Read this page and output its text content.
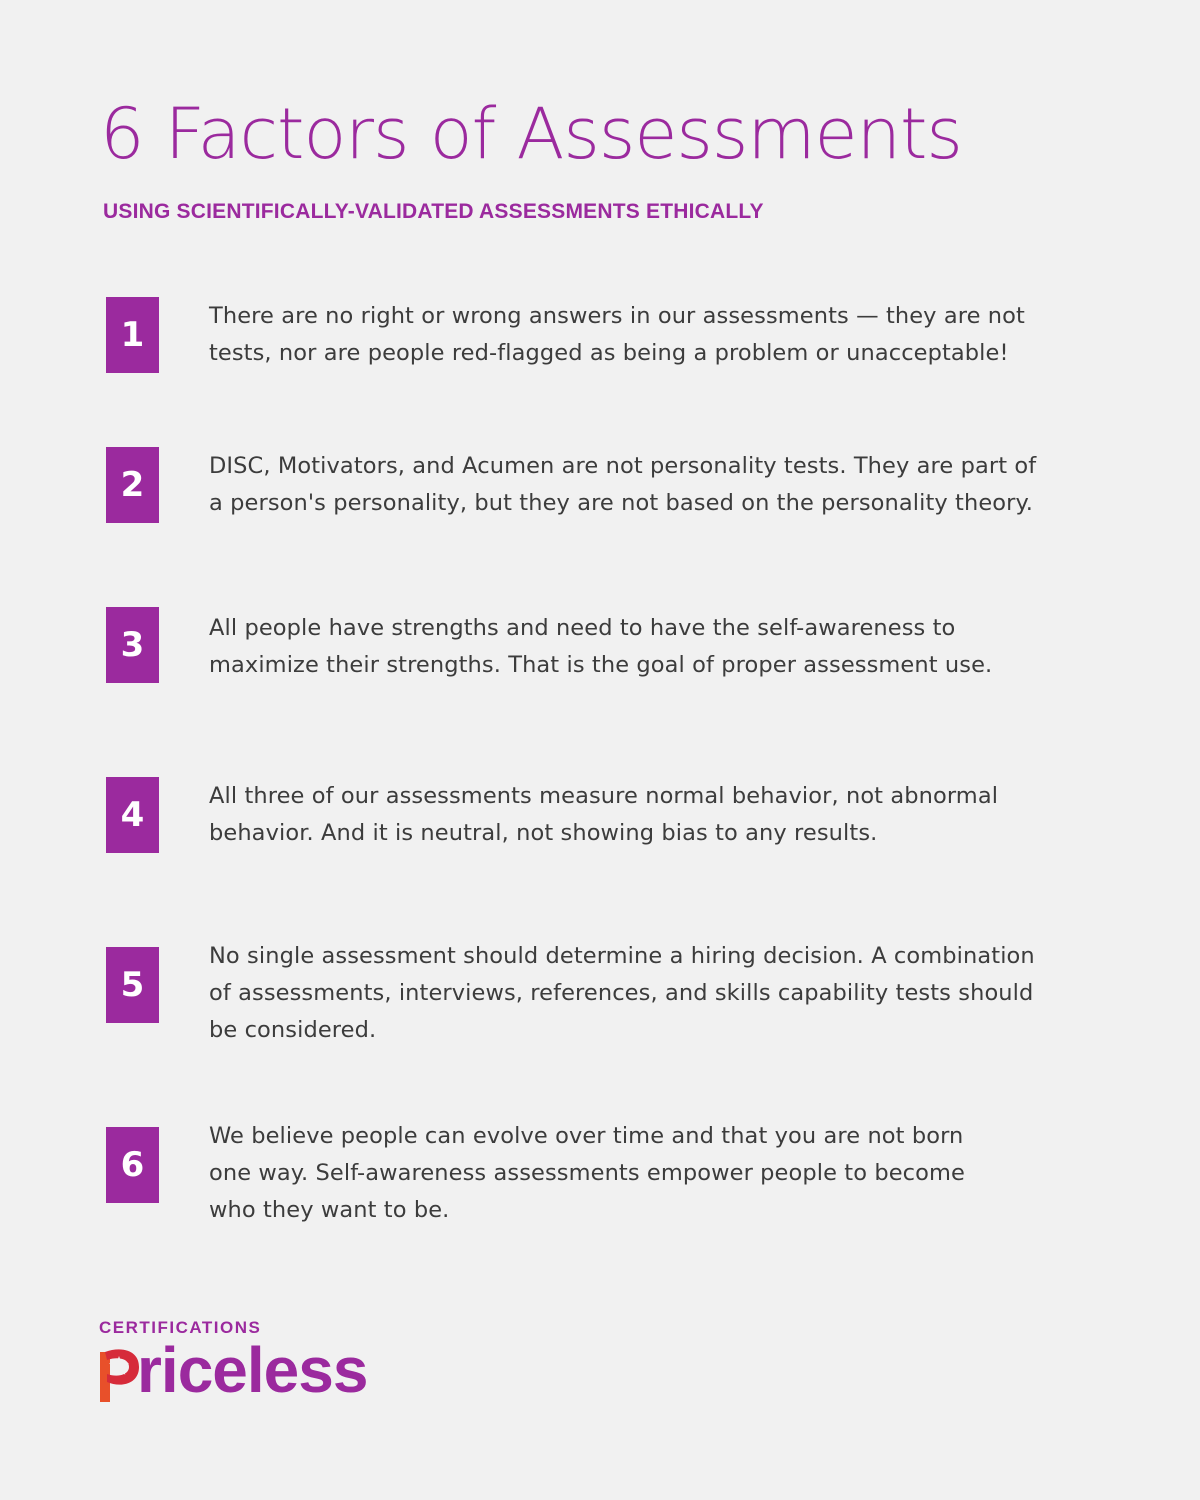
6 Factors of Assessments
USING SCIENTIFICALLY-VALIDATED ASSESSMENTS ETHICALLY
1	There are no right or wrong answers in our assessments — they are not
tests, nor are people red-flagged as being a problem or unacceptable!

2	DISC, Motivators, and Acumen are not personality tests. They are part of
a person's personality, but they are not based on the personality theory.

3	All people have strengths and need to have the self-awareness to
maximize their strengths. That is the goal of proper assessment use.

4	All three of our assessments measure normal behavior, not abnormal
behavior. And it is neutral, not showing bias to any results.

5

No single assessment should determine a hiring decision. A combination
of assessments, interviews, references, and skills capability tests should
be considered.

6

We believe people can evolve over time and that you are not born
one way. Self-awareness assessments empower people to become
who they want to be.

CERTIFICATIONS
riceless
